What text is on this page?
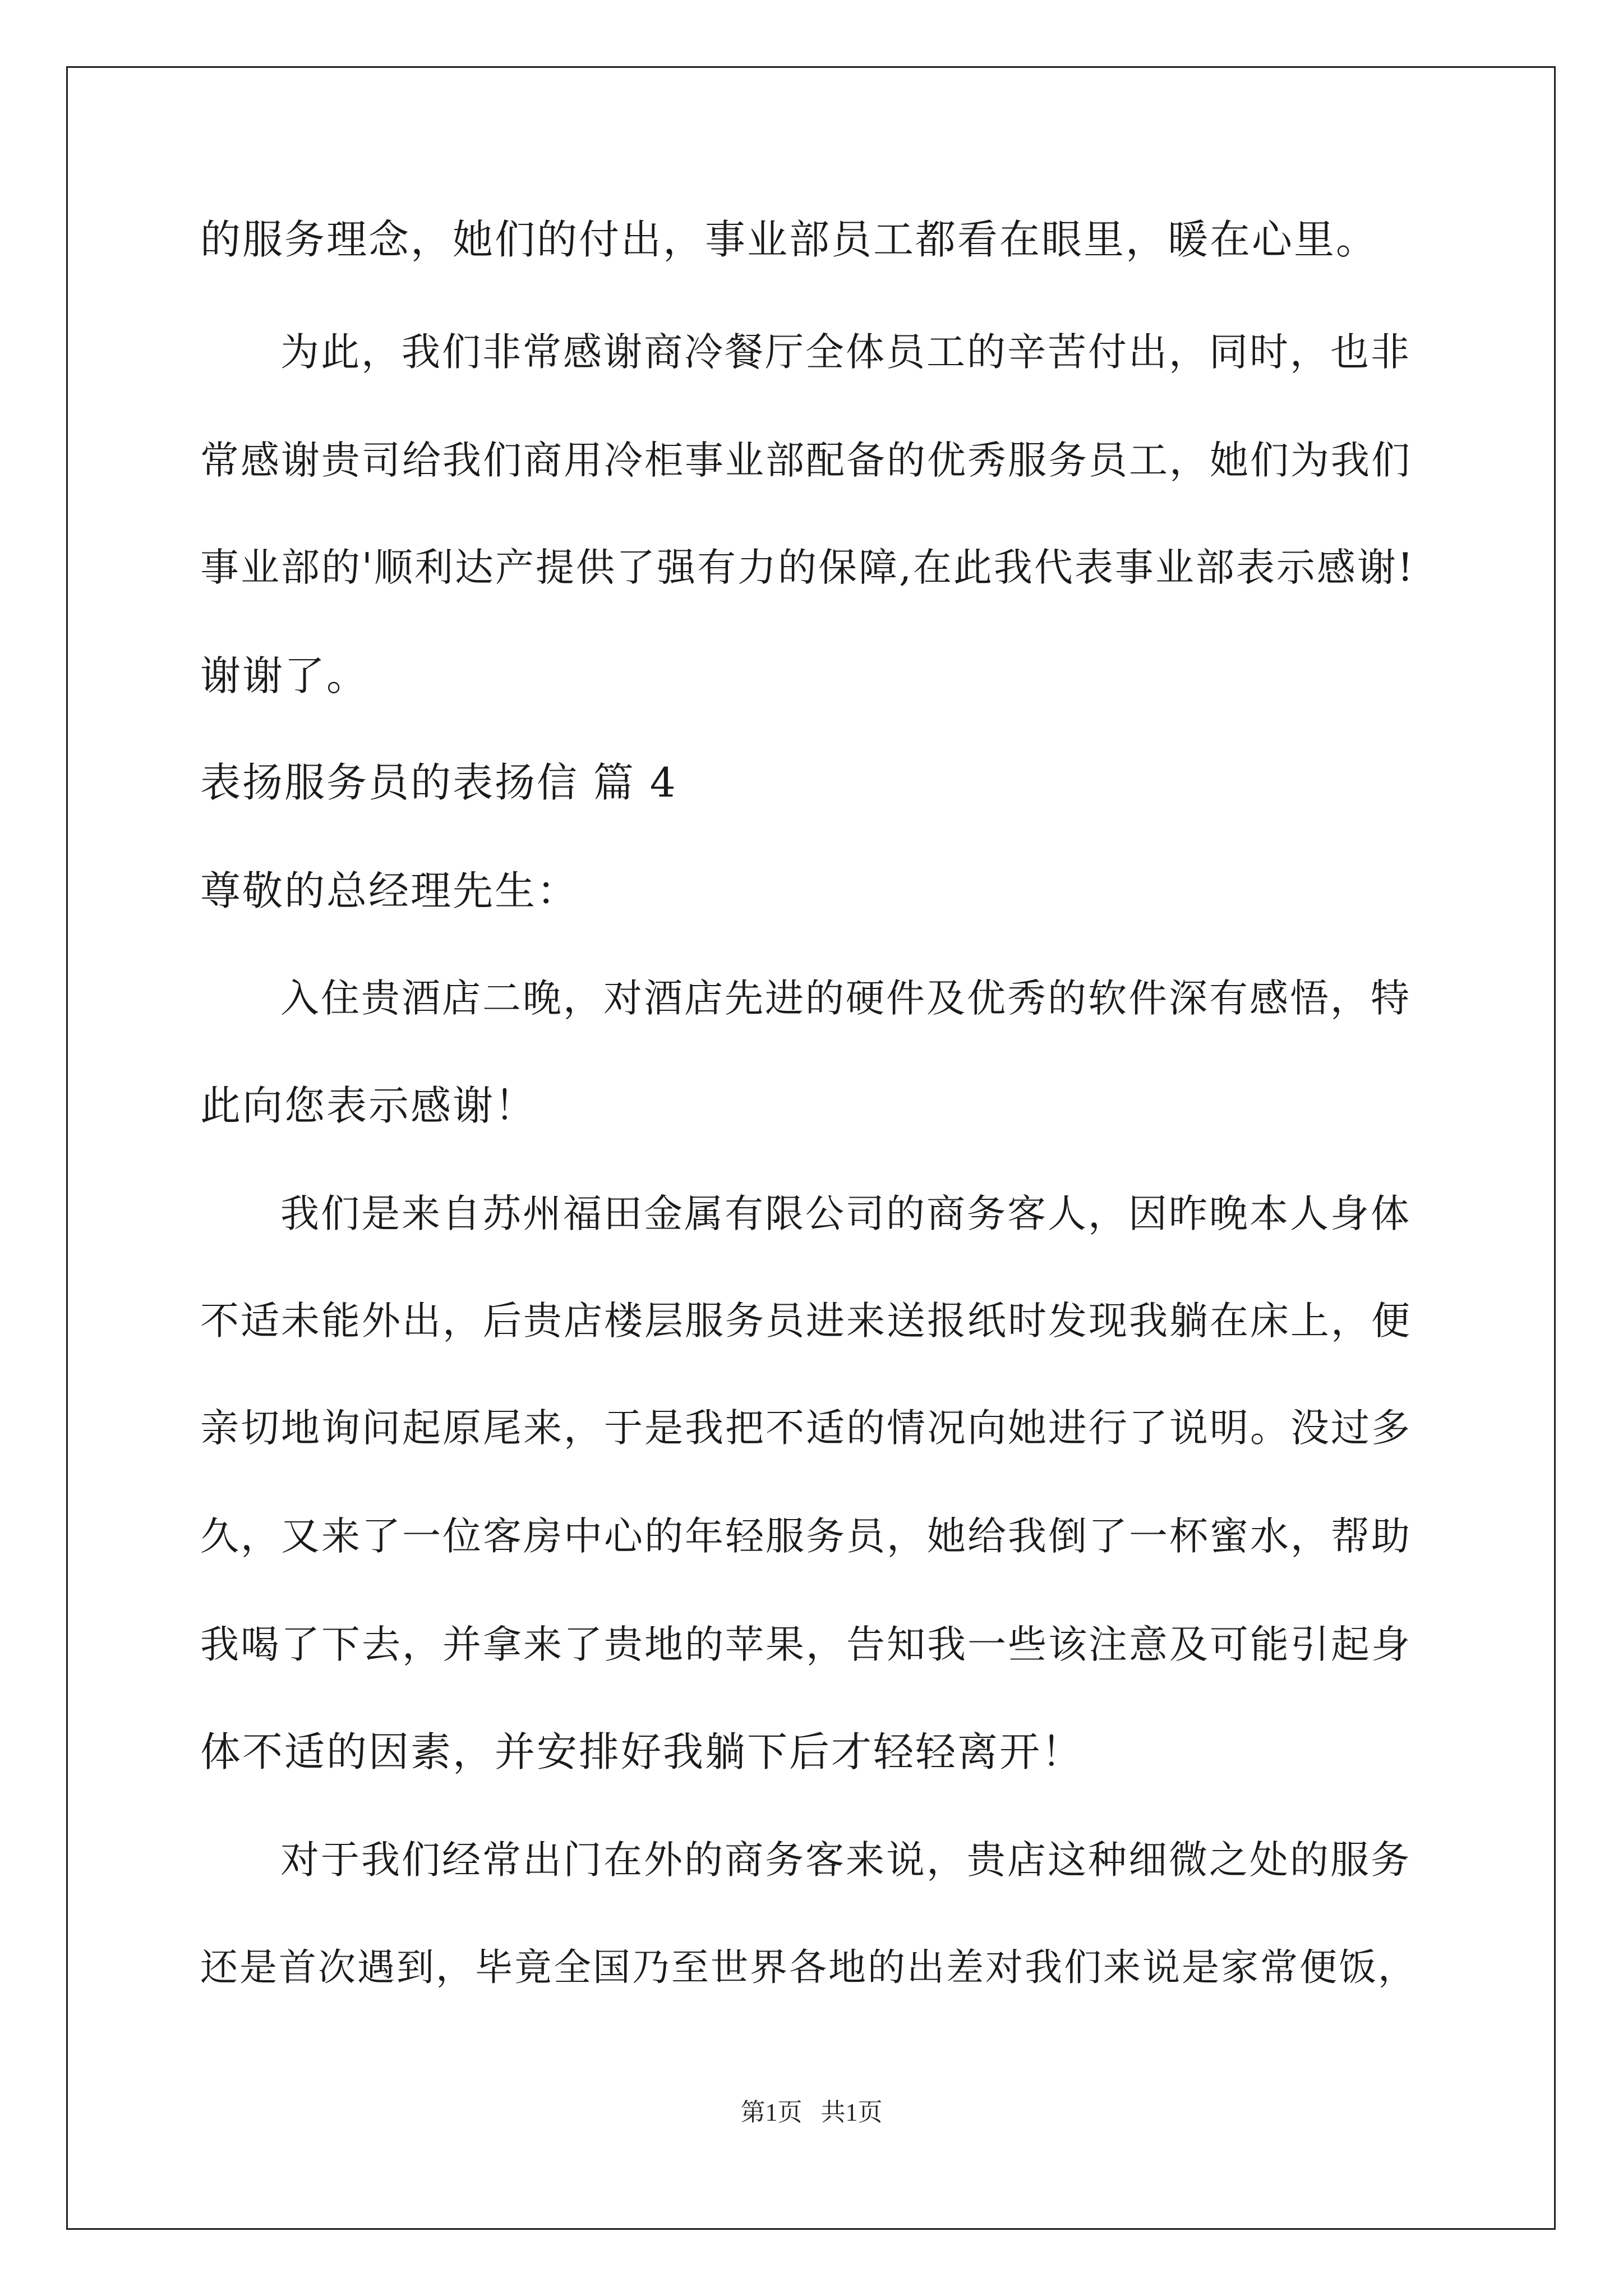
的服务理念，她们的付出，事业部员工都看在眼里，暖在心里。
为此，我们非常感谢商冷餐厅全体员工的辛苦付出，同时，也非
常感谢贵司给我们商用冷柜事业部配备的优秀服务员工，她们为我们
事业部的'顺利达产提供了强有力的保障,在此我代表事业部表示感谢!
谢谢了。
表扬服务员的表扬信 篇 4
尊敬的总经理先生：
入住贵酒店二晚，对酒店先进的硬件及优秀的软件深有感悟，特
此向您表示感谢！
我们是来自苏州福田金属有限公司的商务客人，因昨晚本人身体
不适未能外出，后贵店楼层服务员进来送报纸时发现我躺在床上，便
亲切地询问起原尾来，于是我把不适的情况向她进行了说明。没过多
久，又来了一位客房中心的年轻服务员，她给我倒了一杯蜜水，帮助
我喝了下去，并拿来了贵地的苹果，告知我一些该注意及可能引起身
体不适的因素，并安排好我躺下后才轻轻离开！
对于我们经常出门在外的商务客来说，贵店这种细微之处的服务
还是首次遇到，毕竟全国乃至世界各地的出差对我们来说是家常便饭，
第1页   共1页
